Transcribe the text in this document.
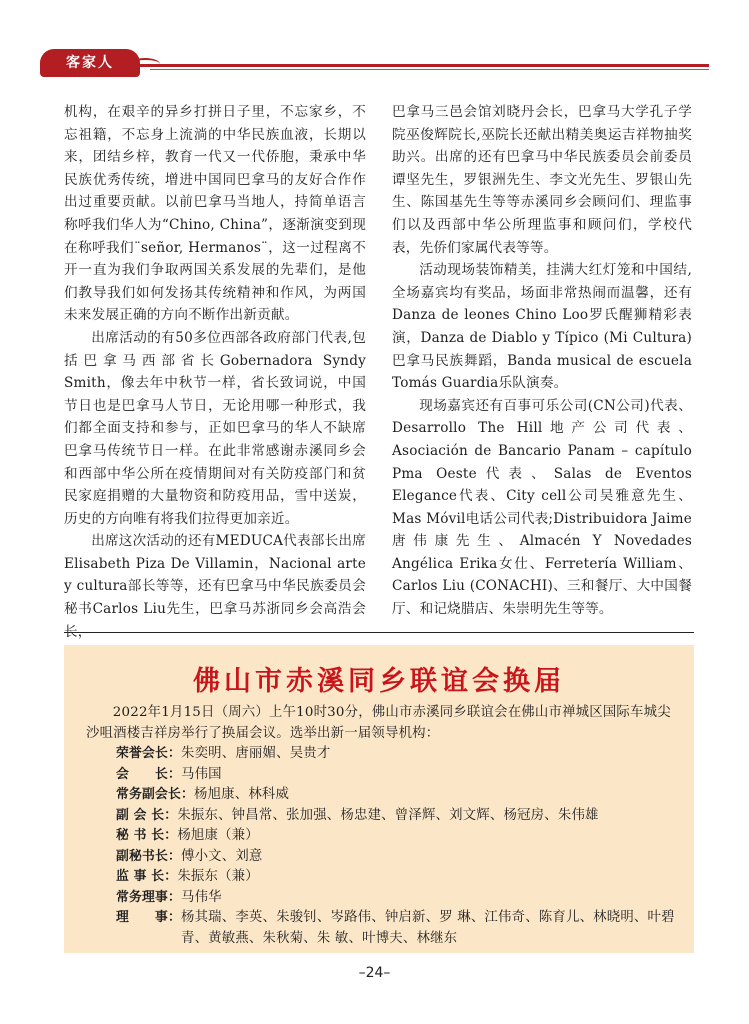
客家人

机构，在艰辛的异乡打拼日子里，不忘家乡，不忘祖籍，不忘身上流淌的中华民族血液，长期以来，团结乡梓，教育一代又一代侨胞，秉承中华民族优秀传统，增进中国同巴拿马的友好合作作出过重要贡献。以前巴拿马当地人，持简单语言称呼我们华人为“Chino, China”，逐渐演变到现在称呼我们¨señor, Hermanos¨，这一过程离不开一直为我们争取两国关系发展的先辈们，是他们教导我们如何发扬其传统精神和作风，为两国未来发展正确的方向不断作出新贡献。

出席活动的有50多位西部各政府部门代表,包括巴拿马西部省长Gobernadora Syndy Smith，像去年中秋节一样，省长致词说，中国节日也是巴拿马人节日，无论用哪一种形式，我们都全面支持和参与，正如巴拿马的华人不缺席巴拿马传统节日一样。在此非常感谢赤溪同乡会和西部中华公所在疫情期间对有关防疫部门和贫民家庭捐赠的大量物资和防疫用品，雪中送炭，历史的方向唯有将我们拉得更加亲近。

出席这次活动的还有MEDUCA代表部长出席Elisabeth Piza De Villamin，Nacional arte y cultura部长等等，还有巴拿马中华民族委员会秘书Carlos Liu先生，巴拿马苏浙同乡会高浩会长，

巴拿马三邑会馆刘晓丹会长，巴拿马大学孔子学院巫俊辉院长,巫院长还献出精美奥运吉祥物抽奖助兴。出席的还有巴拿马中华民族委员会前委员谭坚先生，罗银洲先生、李文光先生、罗银山先生、陈国基先生等等赤溪同乡会顾问们、理监事们以及西部中华公所理监事和顾问们，学校代表，先侨们家属代表等等。

活动现场装饰精美，挂满大红灯笼和中国结,全场嘉宾均有奖品，场面非常热闹而温馨，还有Danza de leones Chino Loo罗氏醒狮精彩表演，Danza de Diablo y Típico (Mi Cultura)巴拿马民族舞蹈，Banda musical de escuela Tomás Guardia乐队演奏。

现场嘉宾还有百事可乐公司(CN公司)代表、Desarrollo The Hill地产公司代表、Asociación de Bancario Panam – capítulo Pma Oeste代表、Salas de Eventos Elegance代表、City cell公司吴雅意先生、Mas Móvil电话公司代表;Distribuidora Jaime唐伟康先生、Almacén Y Novedades Angélica Erika女仕、Ferretería William、Carlos Liu (CONACHI)、三和餐厅、大中国餐厅、和记烧腊店、朱崇明先生等等。

佛山市赤溪同乡联谊会换届

2022年1月15日（周六）上午10时30分，佛山市赤溪同乡联谊会在佛山市禅城区国际车城尖沙咀酒楼吉祥房举行了换届会议。选举出新一届领导机构：

荣誉会长： 朱奕明、唐丽媚、吴贵才
会　　长： 马伟国
常务副会长： 杨旭康、林科威
副 会 长： 朱振东、钟昌常、张加强、杨忠建、曾泽辉、刘文辉、杨冠房、朱伟雄
秘 书 长： 杨旭康（兼）
副秘书长： 傅小文、刘意
监 事 长： 朱振东（兼）
常务理事： 马伟华
理　　事： 杨其瑞、李英、朱骏钊、岑路伟、钟启新、罗 琳、江伟奇、陈育儿、林晓明、叶碧青、黄敏燕、朱秋菊、朱 敏、叶博夫、林继东
–24–
